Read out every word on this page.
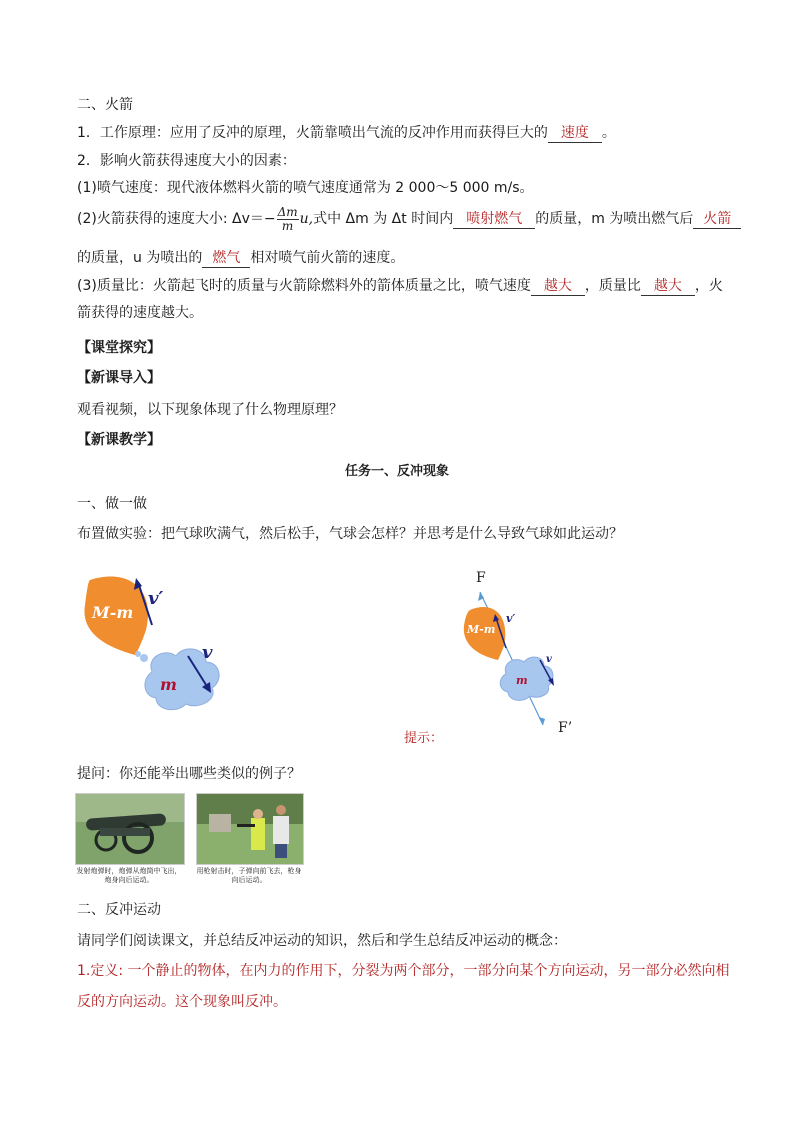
二、火箭
1．工作原理：应用了反冲的原理，火箭靠喷出气流的反冲作用而获得巨大的 速度 。
2．影响火箭获得速度大小的因素：
(1)喷气速度：现代液体燃料火箭的喷气速度通常为 2 000～5 000 m/s。
(2)火箭获得的速度大小: $\Delta v=- \frac{\Delta m}{m} u$,式中 Δm 为 Δt 时间内 喷射燃气 的质量，m 为喷出燃气后 火箭
的质量，u 为喷出的 燃气 相对喷气前火箭的速度。
(3)质量比：火箭起飞时的质量与火箭除燃料外的箭体质量之比，喷气速度 越大 ，质量比 越大 ，火
箭获得的速度越大。
【课堂探究】
【新课导入】
观看视频，以下现象体现了什么物理原理？
【新课教学】
任务一、反冲现象
一、做一做
布置做实验：把气球吹满气，然后松手，气球会怎样？并思考是什么导致气球如此运动？
M-m
v′
m
v
F
M-m
v′
m
v
F’
提示：
提问：你还能举出哪些类似的例子？
发射炮弹时，炮弹从炮筒中飞出，炮身向后运动。
用枪射击时，子弹向前飞去，枪身向后运动。
二、反冲运动
请同学们阅读课文，并总结反冲运动的知识，然后和学生总结反冲运动的概念：
1.定义: 一个静止的物体，在内力的作用下，分裂为两个部分，一部分向某个方向运动，另一部分必然向相
反的方向运动。这个现象叫反冲。
